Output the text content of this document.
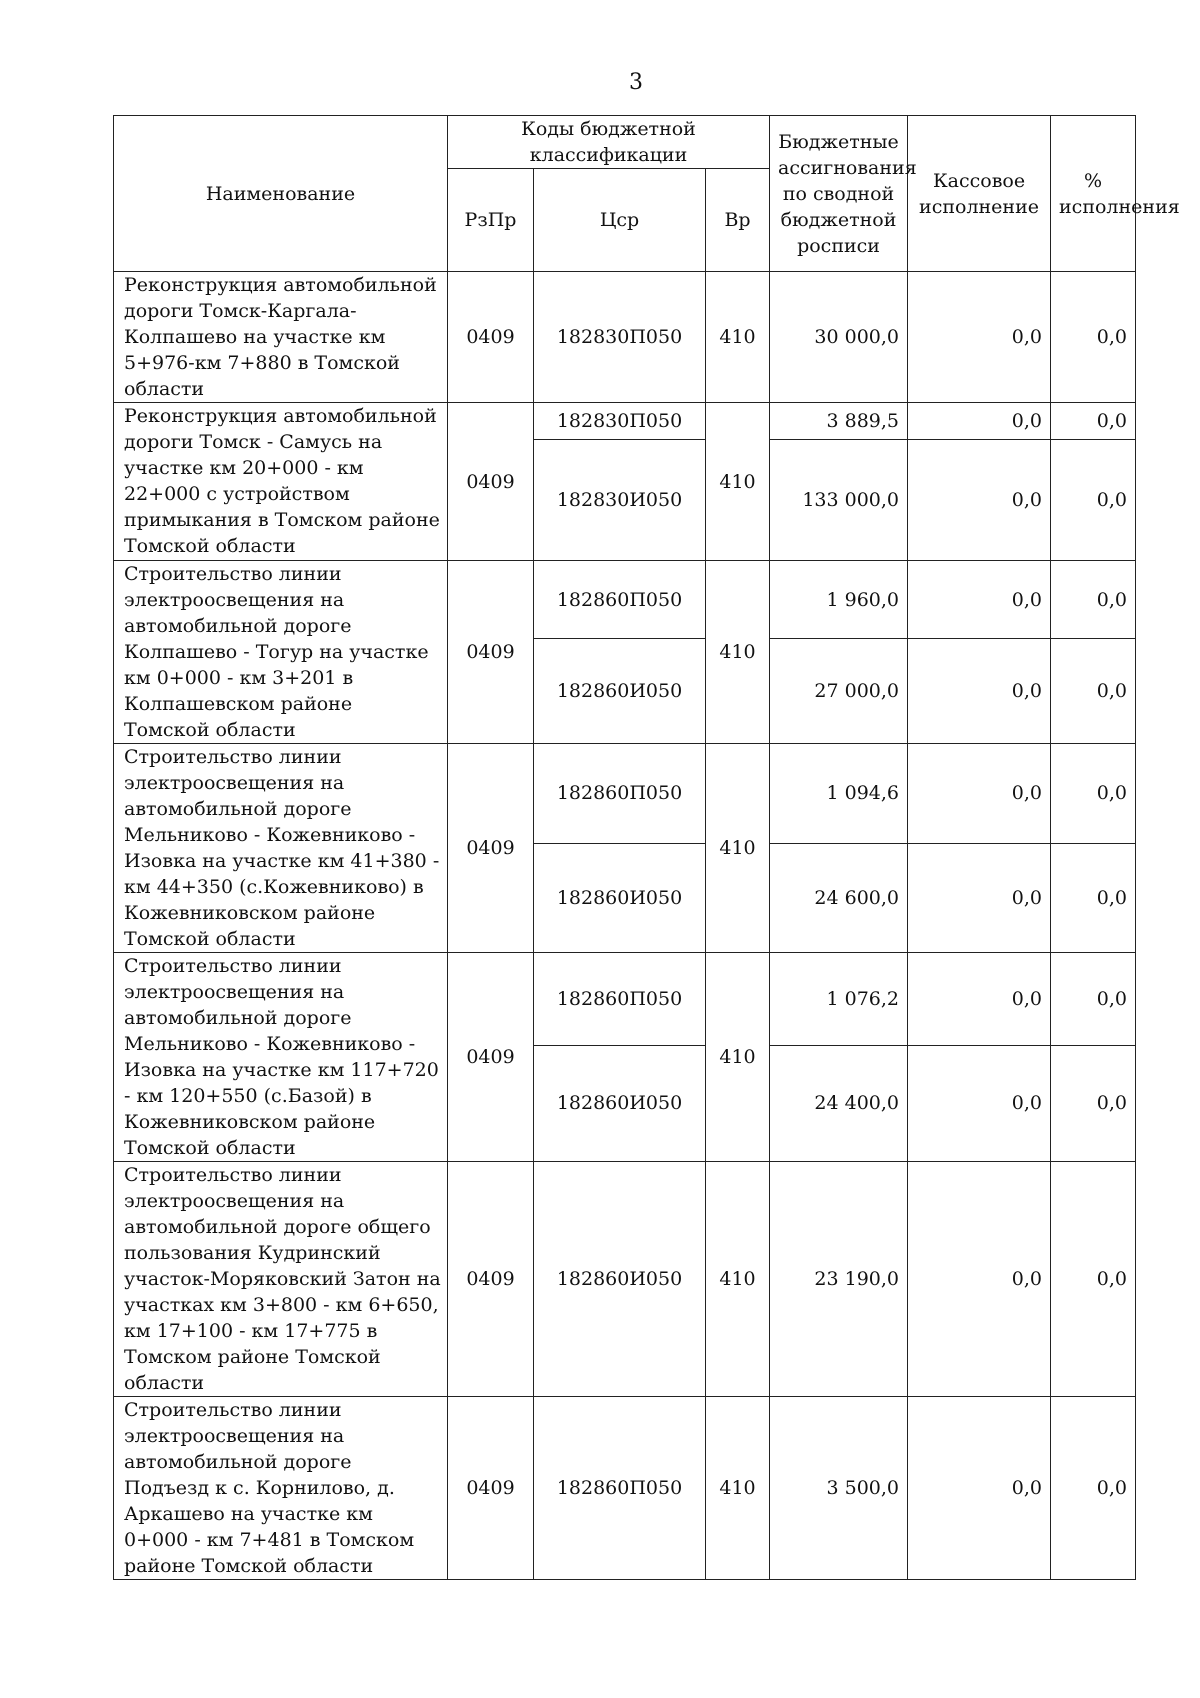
3
Наименование	Коды бюджетной классификации			Бюджетные ассигнования по сводной бюджетной росписи	Кассовое исполнение	% исполнения
	РзПр	Цср	Вр			
Реконструкция автомобильной дороги Томск-Каргала-Колпашево на участке км 5+976-км 7+880 в Томской области	0409	182830П050	410	30 000,0	0,0	0,0
Реконструкция автомобильной дороги Томск - Самусь на участке км 20+000 - км 22+000 с устройством примыкания в Томском районе Томской области	0409	182830П050	410	3 889,5	0,0	0,0
		182830И050		133 000,0	0,0	0,0
Строительство линии электроосвещения на автомобильной дороге Колпашево - Тогур на участке км 0+000 - км 3+201 в Колпашевском районе Томской области	0409	182860П050	410	1 960,0	0,0	0,0
		182860И050		27 000,0	0,0	0,0
Строительство линии электроосвещения на автомобильной дороге Мельниково - Кожевниково - Изовка на участке км 41+380 - км 44+350 (с.Кожевниково) в Кожевниковском районе Томской области	0409	182860П050	410	1 094,6	0,0	0,0
		182860И050		24 600,0	0,0	0,0
Строительство линии электроосвещения на автомобильной дороге Мельниково - Кожевниково - Изовка на участке км 117+720 - км 120+550 (с.Базой) в Кожевниковском районе Томской области	0409	182860П050	410	1 076,2	0,0	0,0
		182860И050		24 400,0	0,0	0,0
Строительство линии электроосвещения на автомобильной дороге общего пользования Кудринский участок-Моряковский Затон на участках км 3+800 - км 6+650, км 17+100 - км 17+775 в Томском районе Томской области	0409	182860И050	410	23 190,0	0,0	0,0
Строительство линии электроосвещения на автомобильной дороге Подъезд к с. Корнилово, д. Аркашево на участке км 0+000 - км 7+481 в Томском районе Томской области	0409	182860П050	410	3 500,0	0,0	0,0
